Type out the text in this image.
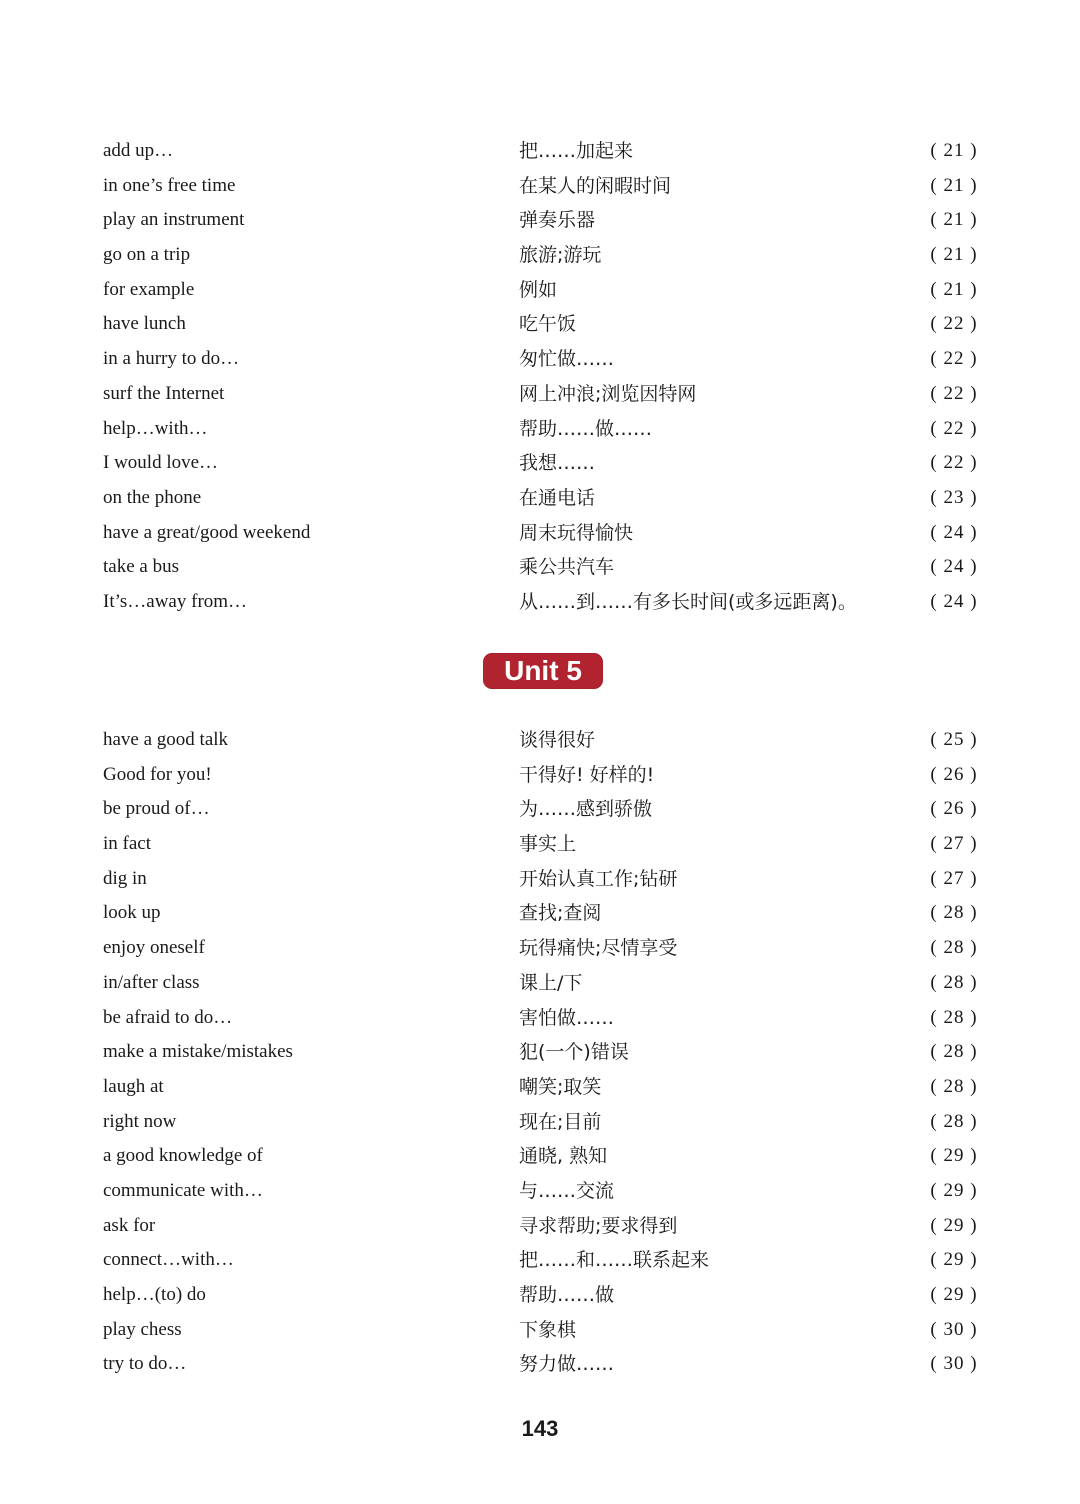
add up…	把……加起来	( 21 )
in one’s free time	在某人的闲暇时间	( 21 )
play an instrument	弹奏乐器	( 21 )
go on a trip	旅游;游玩	( 21 )
for example	例如	( 21 )
have lunch	吃午饭	( 22 )
in a hurry to do…	匆忙做……	( 22 )
surf the Internet	网上冲浪;浏览因特网	( 22 )
help…with…	帮助……做……	( 22 )
I would love…	我想……	( 22 )
on the phone	在通电话	( 23 )
have a great/good weekend	周末玩得愉快	( 24 )
take a bus	乘公共汽车	( 24 )
It’s…away from…	从……到……有多长时间(或多远距离)。	( 24 )
Unit 5
have a good talk	谈得很好	( 25 )
Good for you!	干得好! 好样的!	( 26 )
be proud of…	为……感到骄傲	( 26 )
in fact	事实上	( 27 )
dig in	开始认真工作;钻研	( 27 )
look up	查找;查阅	( 28 )
enjoy oneself	玩得痛快;尽情享受	( 28 )
in/after class	课上/下	( 28 )
be afraid to do…	害怕做……	( 28 )
make a mistake/mistakes	犯(一个)错误	( 28 )
laugh at	嘲笑;取笑	( 28 )
right now	现在;目前	( 28 )
a good knowledge of	通晓, 熟知	( 29 )
communicate with…	与……交流	( 29 )
ask for	寻求帮助;要求得到	( 29 )
connect…with…	把……和……联系起来	( 29 )
help…(to) do	帮助……做	( 29 )
play chess	下象棋	( 30 )
try to do…	努力做……	( 30 )
143
